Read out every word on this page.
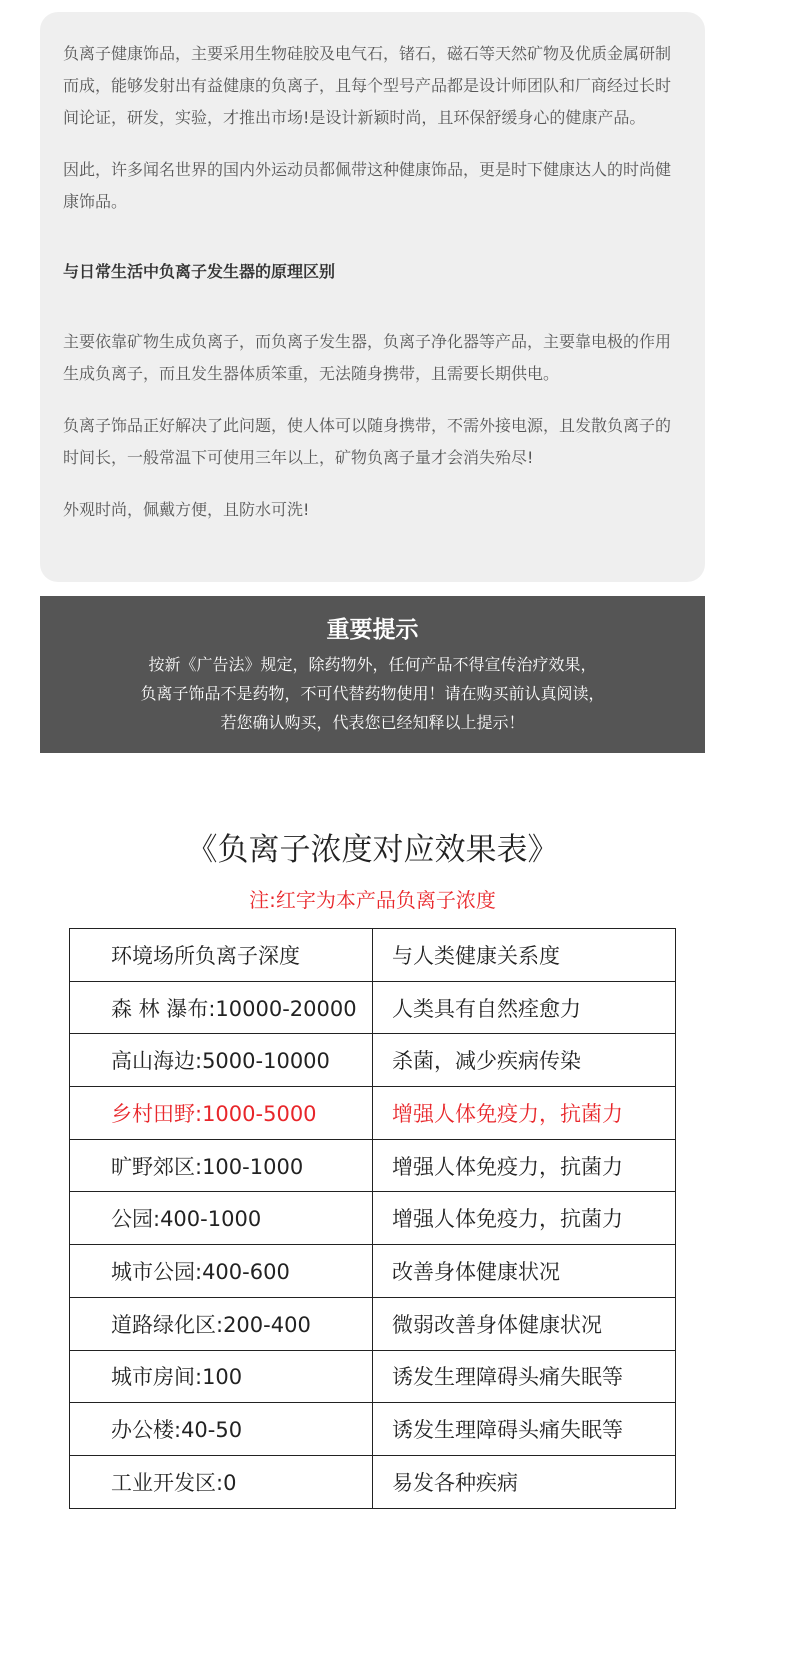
负离子健康饰品，主要采用生物硅胶及电气石，锗石，磁石等天然矿物及优质金属研制而成，能够发射出有益健康的负离子，且每个型号产品都是设计师团队和厂商经过长时间论证，研发，实验，才推出市场!是设计新颖时尚，且环保舒缓身心的健康产品。

因此，许多闻名世界的国内外运动员都佩带这种健康饰品，更是时下健康达人的时尚健康饰品。

与日常生活中负离子发生器的原理区别

主要依靠矿物生成负离子，而负离子发生器，负离子净化器等产品，主要靠电极的作用生成负离子，而且发生器体质笨重，无法随身携带，且需要长期供电。

负离子饰品正好解决了此问题，使人体可以随身携带，不需外接电源，且发散负离子的时间长，一般常温下可使用三年以上，矿物负离子量才会消失殆尽!

外观时尚，佩戴方便，且防水可洗!

重要提示
按新《广告法》规定，除药物外，任何产品不得宣传治疗效果，
负离子饰品不是药物，不可代替药物使用！请在购买前认真阅读，
若您确认购买，代表您已经知释以上提示！
《负离子浓度对应效果表》
注:红字为本产品负离子浓度
环境场所负离子深度	与人类健康关系度
森 林 瀑布:10000-20000	人类具有自然痊愈力
高山海边:5000-10000	杀菌，减少疾病传染
乡村田野:1000-5000	增强人体免疫力，抗菌力
旷野郊区:100-1000	增强人体免疫力，抗菌力
公园:400-1000	增强人体免疫力，抗菌力
城市公园:400-600	改善身体健康状况
道路绿化区:200-400	微弱改善身体健康状况
城市房间:100	诱发生理障碍头痛失眠等
办公楼:40-50	诱发生理障碍头痛失眠等
工业开发区:0	易发各种疾病
